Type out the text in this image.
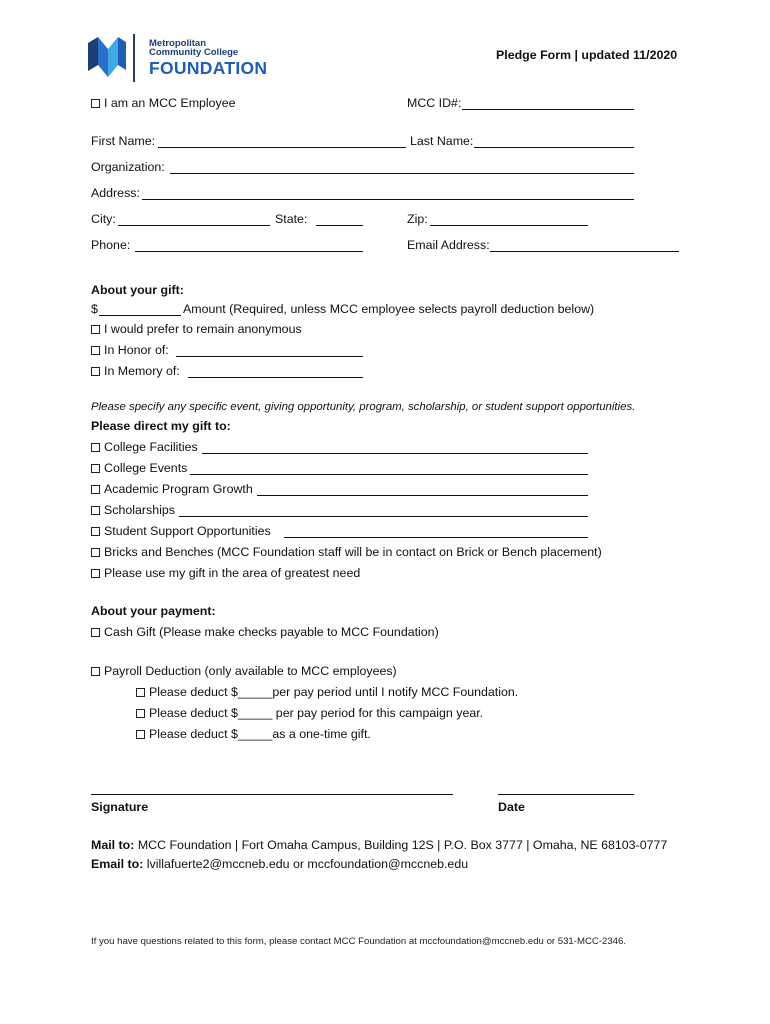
Metropolitan
Community College
FOUNDATION
Pledge Form | updated 11/2020
I am an MCC Employee	MCC ID#:
First Name:	Last Name:
Organization:
Address:
City:	State:	Zip:
Phone:	Email Address:
About your gift:
$	Amount (Required, unless MCC employee selects payroll deduction below)
I would prefer to remain anonymous
In Honor of:
In Memory of:
Please specify any specific event, giving opportunity, program, scholarship, or student support opportunities.
Please direct my gift to:
College Facilities
College Events
Academic Program Growth
Scholarships
Student Support Opportunities
Bricks and Benches (MCC Foundation staff will be in contact on Brick or Bench placement)
Please use my gift in the area of greatest need
About your payment:
Cash Gift (Please make checks payable to MCC Foundation)
Payroll Deduction (only available to MCC employees)
Please deduct $_____per pay period until I notify MCC Foundation.
Please deduct $_____ per pay period for this campaign year.
Please deduct $_____as a one-time gift.
Signature	Date
Mail to: MCC Foundation | Fort Omaha Campus, Building 12S | P.O. Box 3777 | Omaha, NE 68103-0777
Email to: lvillafuerte2@mccneb.edu or mccfoundation@mccneb.edu
If you have questions related to this form, please contact MCC Foundation at mccfoundation@mccneb.edu or 531-MCC-2346.
